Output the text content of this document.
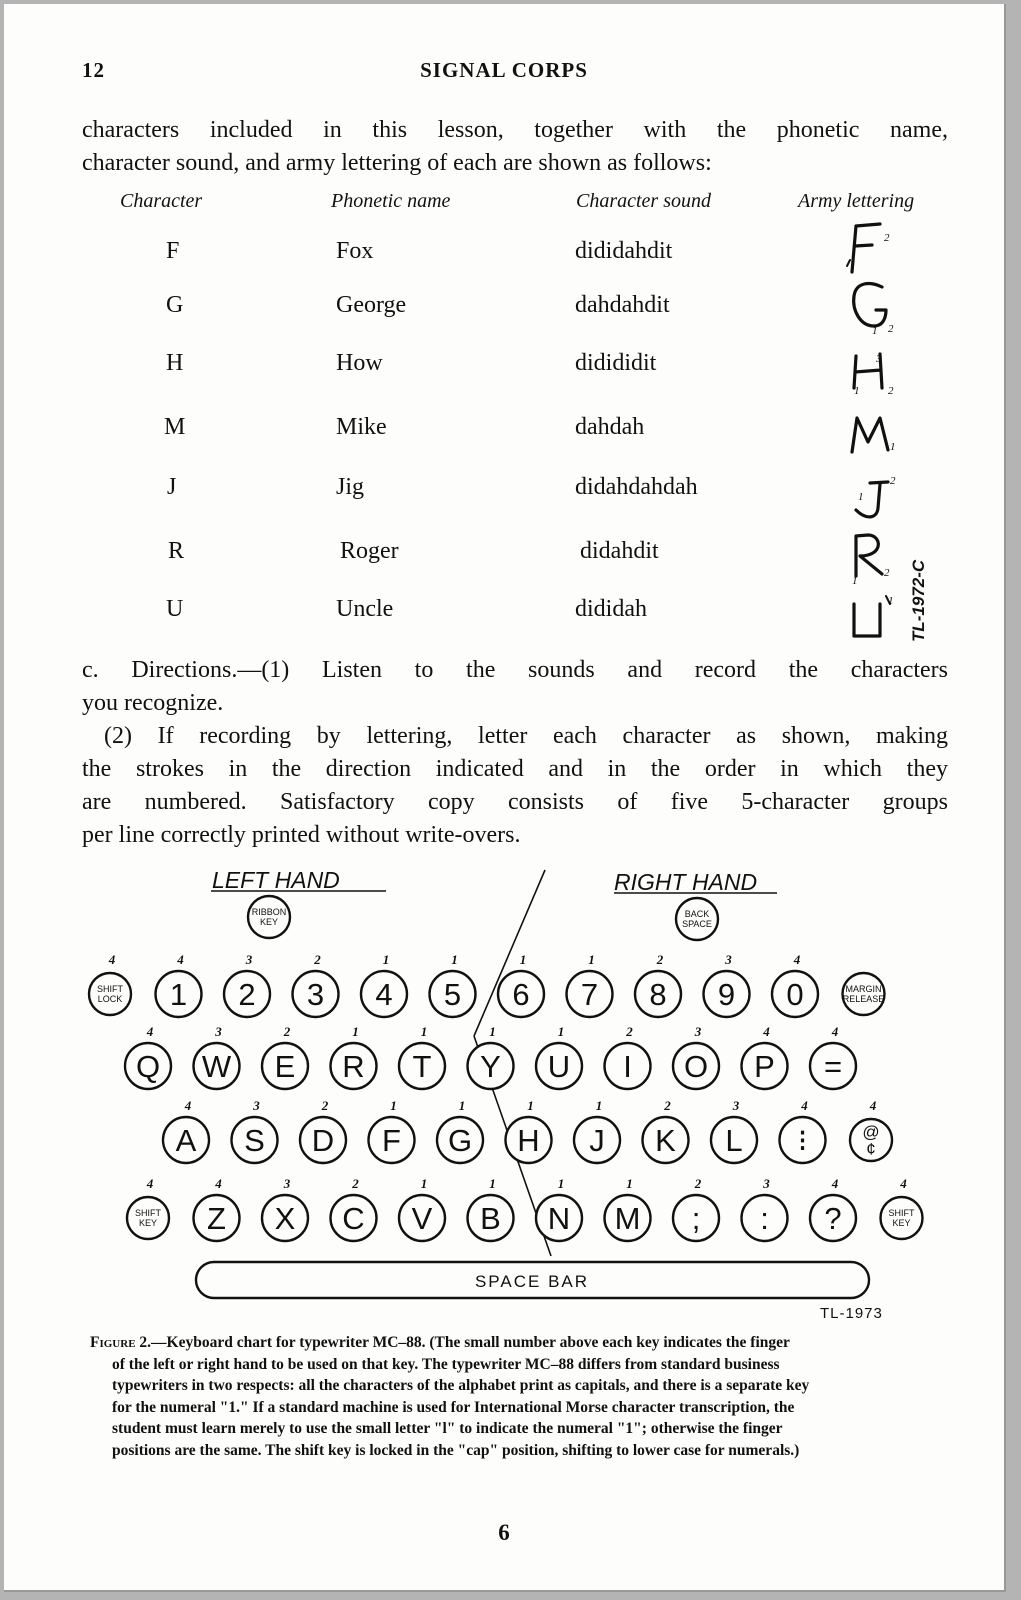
12	SIGNAL CORPS
characters included in this lesson, together with the phonetic name,
character sound, and army lettering of each are shown as follows:
Character	Phonetic name	Character sound	Army lettering
F	Fox	dididahdit
G	George	dahdahdit
H	How	didididit
M	Mike	dahdah
J	Jig	didahdahdah
R	Roger	didahdit
U	Uncle	dididah
2
2
1
3
2
1
1
2
1
2
1
1 TL-1972-C
c. Directions.—(1) Listen to the sounds and record the characters
you recognize.
(2) If recording by lettering, letter each character as shown, making
the strokes in the direction indicated and in the order in which they
are numbered. Satisfactory copy consists of five 5-character groups
per line correctly printed without write-overs.
SHIFT
LOCK
4
1
4
2
3
3
2
4
1
5
1
6
1
7
1
8
2
9
3
0
4
MARGIN
RELEASE
Q
4
W
3
E
2
R
1
T
1
Y
1
U
1
I
2
O
3
P
4
=
4
A
4
S
3
D
2
F
1
G
1
H
1
J
1
K
2
L
3
⁝
4
@
¢
4
SHIFT
KEY
4
Z
4
X
3
C
2
V
1
B
1
N
1
M
1
;
2
:
3
?
4
SHIFT
KEY
4
RIBBON
KEY
BACK
SPACE
LEFT HAND	RIGHT HAND
SPACE BAR
TL-1973

Figure 2.—Keyboard chart for typewriter MC–88. (The small number above each key indicates the finger

of the left or right hand to be used on that key. The typewriter MC–88 differs from standard business

typewriters in two respects: all the characters of the alphabet print as capitals, and there is a separate key

for the numeral "1." If a standard machine is used for International Morse character transcription, the

student must learn merely to use the small letter "l" to indicate the numeral "1"; otherwise the finger

positions are the same. The shift key is locked in the "cap" position, shifting to lower case for numerals.)

6
